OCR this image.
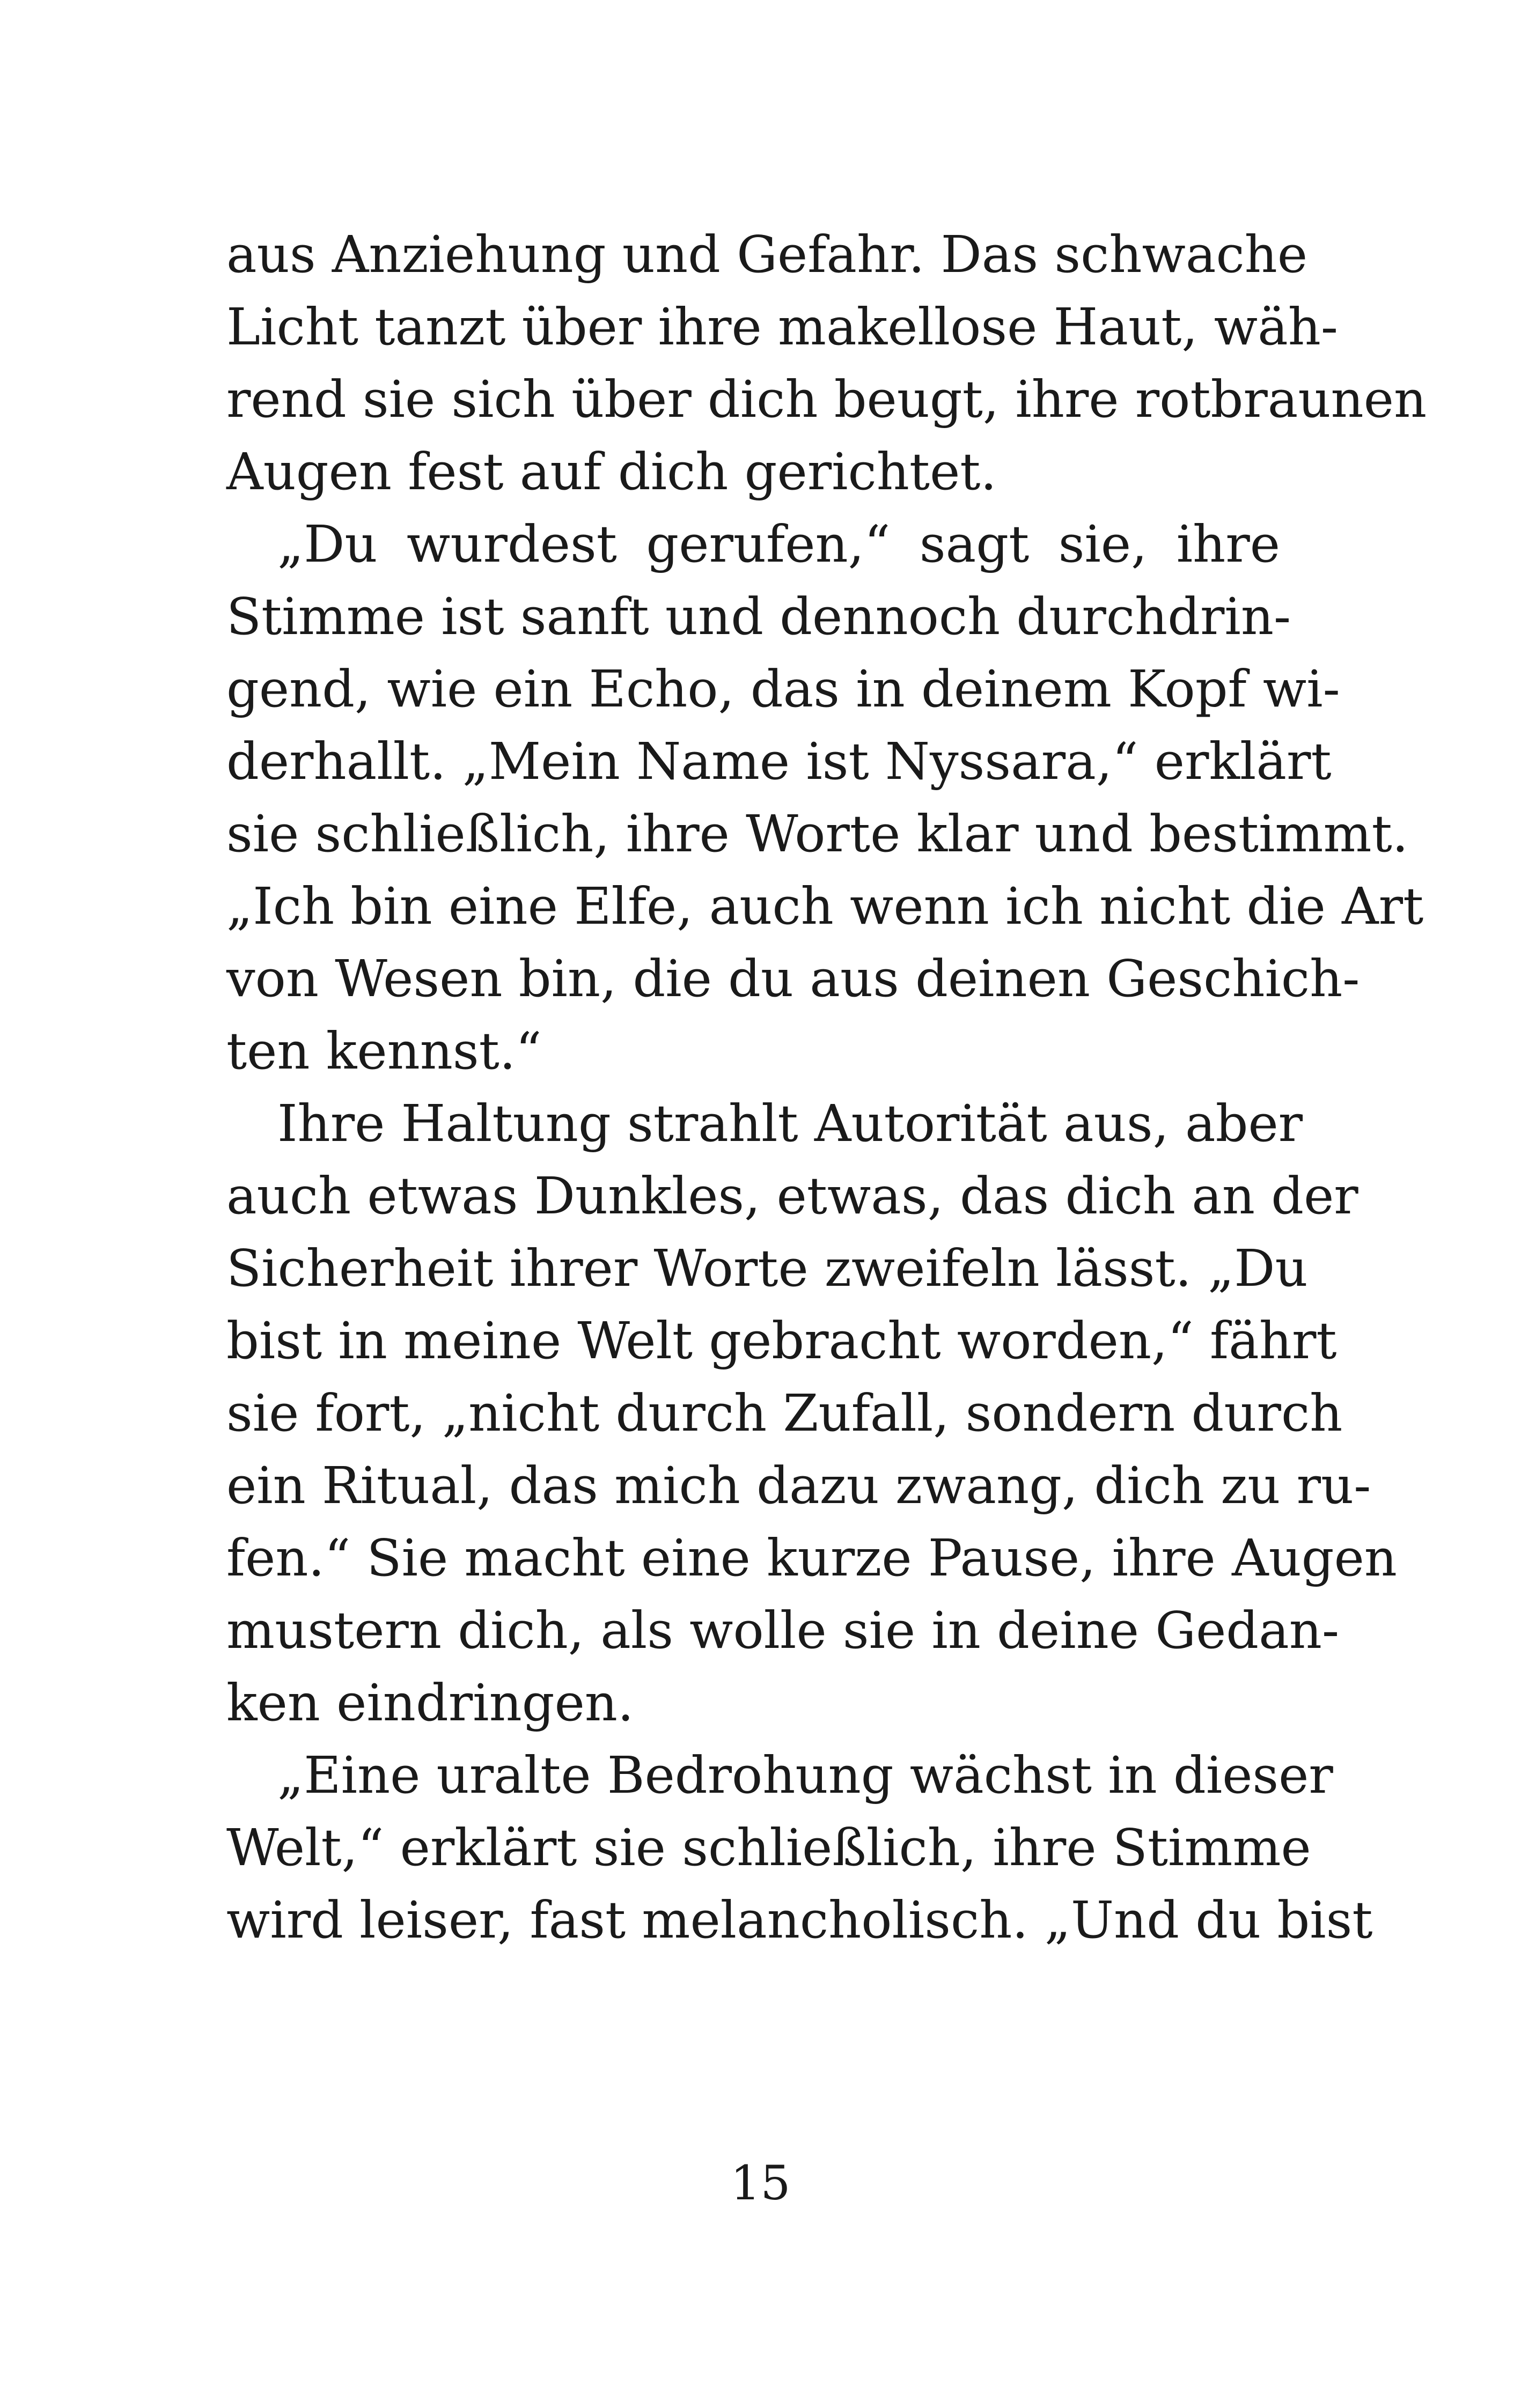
aus Anziehung und Gefahr. Das schwache
Licht tanzt über ihre makellose Haut, wäh-
rend sie sich über dich beugt, ihre rotbraunen
Augen fest auf dich gerichtet.
„Du wurdest gerufen,“ sagt sie, ihre
Stimme ist sanft und dennoch durchdrin-
gend, wie ein Echo, das in deinem Kopf wi-
derhallt. „Mein Name ist Nyssara,“ erklärt
sie schließlich, ihre Worte klar und bestimmt.
„Ich bin eine Elfe, auch wenn ich nicht die Art
von Wesen bin, die du aus deinen Geschich-
ten kennst.“
Ihre Haltung strahlt Autorität aus, aber
auch etwas Dunkles, etwas, das dich an der
Sicherheit ihrer Worte zweifeln lässt. „Du
bist in meine Welt gebracht worden,“ fährt
sie fort, „nicht durch Zufall, sondern durch
ein Ritual, das mich dazu zwang, dich zu ru-
fen.“ Sie macht eine kurze Pause, ihre Augen
mustern dich, als wolle sie in deine Gedan-
ken eindringen.
„Eine uralte Bedrohung wächst in dieser
Welt,“ erklärt sie schließlich, ihre Stimme
wird leiser, fast melancholisch. „Und du bist
15
